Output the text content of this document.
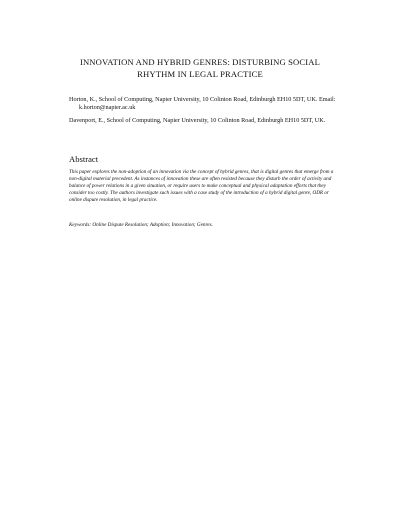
INNOVATION AND HYBRID GENRES: DISTURBING SOCIAL
RHYTHM IN LEGAL PRACTICE

Horton, K., School of Computing, Napier University, 10 Colinton Road, Edinburgh EH10 5DT, UK. Email: k.horton@napier.ac.uk

Davenport, E., School of Computing, Napier University, 10 Colinton Road, Edinburgh EH10 5DT, UK.

Abstract

This paper explores the non-adoption of an innovation via the concept of hybrid genres, that is digital genres that emerge from a non-digital material precedent. As instances of innovation these are often resisted because they disturb the order of activity and balance of power relations in a given situation, or require users to make conceptual and physical adaptation efforts that they consider too costly. The authors investigate such issues with a case study of the introduction of a hybrid digital genre, ODR or online dispute resolution, in legal practice.

Keywords: Online Dispute Resolution; Adoption; Innovation; Genres.
